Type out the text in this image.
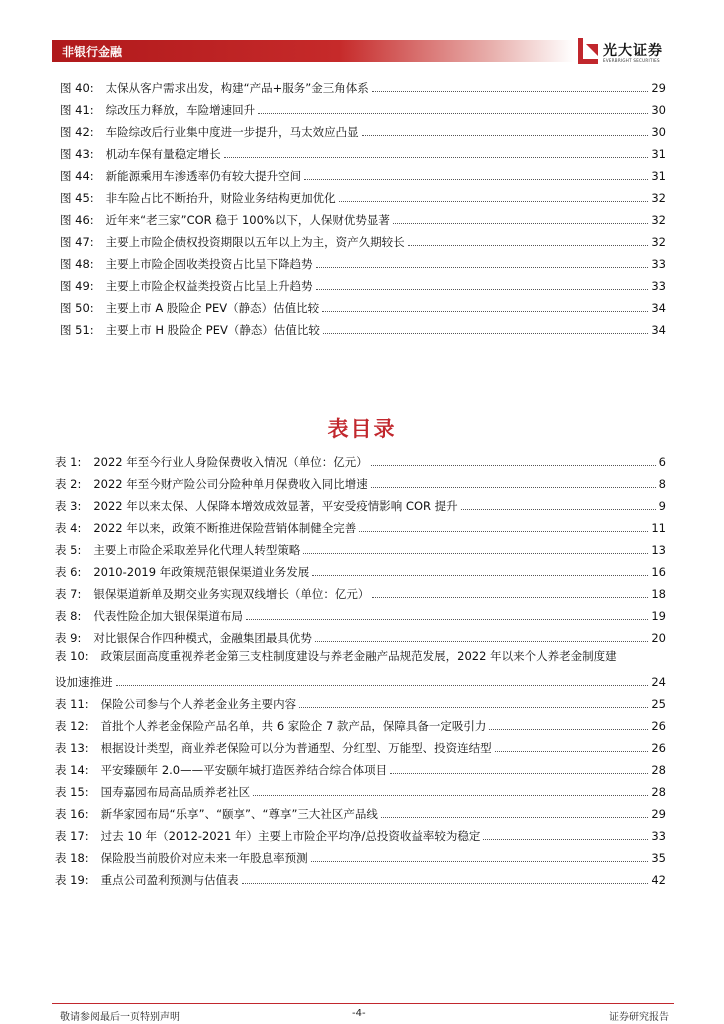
非银行金融	光大证券
EVERBRIGHT SECURITIES
图 40: 太保从客户需求出发，构建“产品+服务”金三角体系	29
图 41: 综改压力释放，车险增速回升	30
图 42: 车险综改后行业集中度进一步提升，马太效应凸显	30
图 43: 机动车保有量稳定增长	31
图 44: 新能源乘用车渗透率仍有较大提升空间	31
图 45: 非车险占比不断抬升，财险业务结构更加优化	32
图 46: 近年来“老三家”COR 稳于 100%以下，人保财优势显著	32
图 47: 主要上市险企债权投资期限以五年以上为主，资产久期较长	32
图 48: 主要上市险企固收类投资占比呈下降趋势	33
图 49: 主要上市险企权益类投资占比呈上升趋势	33
图 50: 主要上市 A 股险企 PEV（静态）估值比较	34
图 51: 主要上市 H 股险企 PEV（静态）估值比较	34
表目录
表 1: 2022 年至今行业人身险保费收入情况（单位：亿元）	6
表 2: 2022 年至今财产险公司分险种单月保费收入同比增速	8
表 3: 2022 年以来太保、人保降本增效成效显著，平安受疫情影响 COR 提升	9
表 4: 2022 年以来，政策不断推进保险营销体制健全完善	11
表 5: 主要上市险企采取差异化代理人转型策略	13
表 6: 2010-2019 年政策规范银保渠道业务发展	16
表 7: 银保渠道新单及期交业务实现双线增长（单位：亿元）	18
表 8: 代表性险企加大银保渠道布局	19
表 9: 对比银保合作四种模式，金融集团最具优势	20
表 10: 政策层面高度重视养老金第三支柱制度建设与养老金融产品规范发展，2022 年以来个人养老金制度建
设加速推进	24
表 11: 保险公司参与个人养老金业务主要内容	25
表 12: 首批个人养老金保险产品名单，共 6 家险企 7 款产品，保障具备一定吸引力	26
表 13: 根据设计类型，商业养老保险可以分为普通型、分红型、万能型、投资连结型	26
表 14: 平安臻颐年 2.0——平安颐年城打造医养结合综合体项目	28
表 15: 国寿嘉园布局高品质养老社区	28
表 16: 新华家园布局“乐享”、“颐享”、“尊享”三大社区产品线	29
表 17: 过去 10 年（2012-2021 年）主要上市险企平均净/总投资收益率较为稳定	33
表 18: 保险股当前股价对应未来一年股息率预测	35
表 19: 重点公司盈利预测与估值表	42
敬请参阅最后一页特别声明	-4-	证券研究报告
